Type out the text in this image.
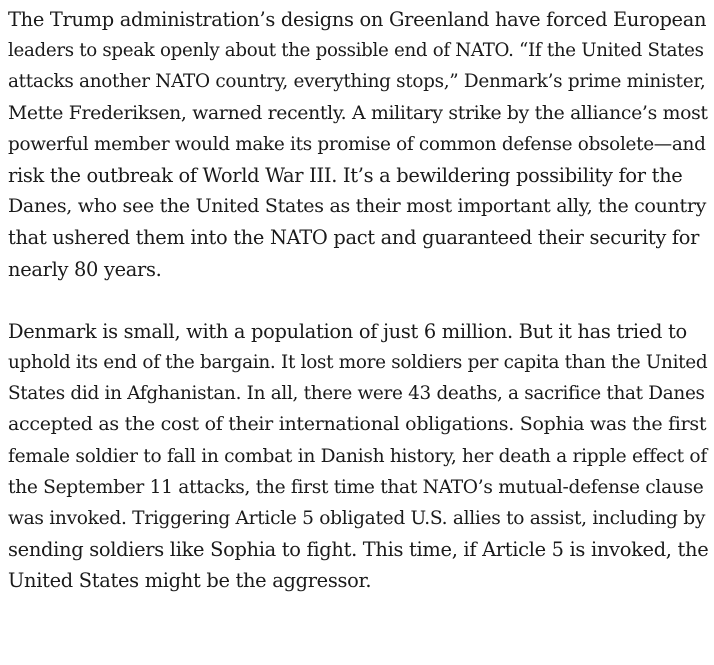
The Trump administration’s designs on Greenland have forced European
leaders to speak openly about the possible end of NATO. “If the United States
attacks another NATO country, everything stops,” Denmark’s prime minister,
Mette Frederiksen, warned recently. A military strike by the alliance’s most
powerful member would make its promise of common defense obsolete—and
risk the outbreak of World War III. It’s a bewildering possibility for the
Danes, who see the United States as their most important ally, the country
that ushered them into the NATO pact and guaranteed their security for
nearly 80 years.

Denmark is small, with a population of just 6 million. But it has tried to
uphold its end of the bargain. It lost more soldiers per capita than the United
States did in Afghanistan. In all, there were 43 deaths, a sacrifice that Danes
accepted as the cost of their international obligations. Sophia was the first
female soldier to fall in combat in Danish history, her death a ripple effect of
the September 11 attacks, the first time that NATO’s mutual-defense clause
was invoked. Triggering Article 5 obligated U.S. allies to assist, including by
sending soldiers like Sophia to fight. This time, if Article 5 is invoked, the
United States might be the aggressor.
